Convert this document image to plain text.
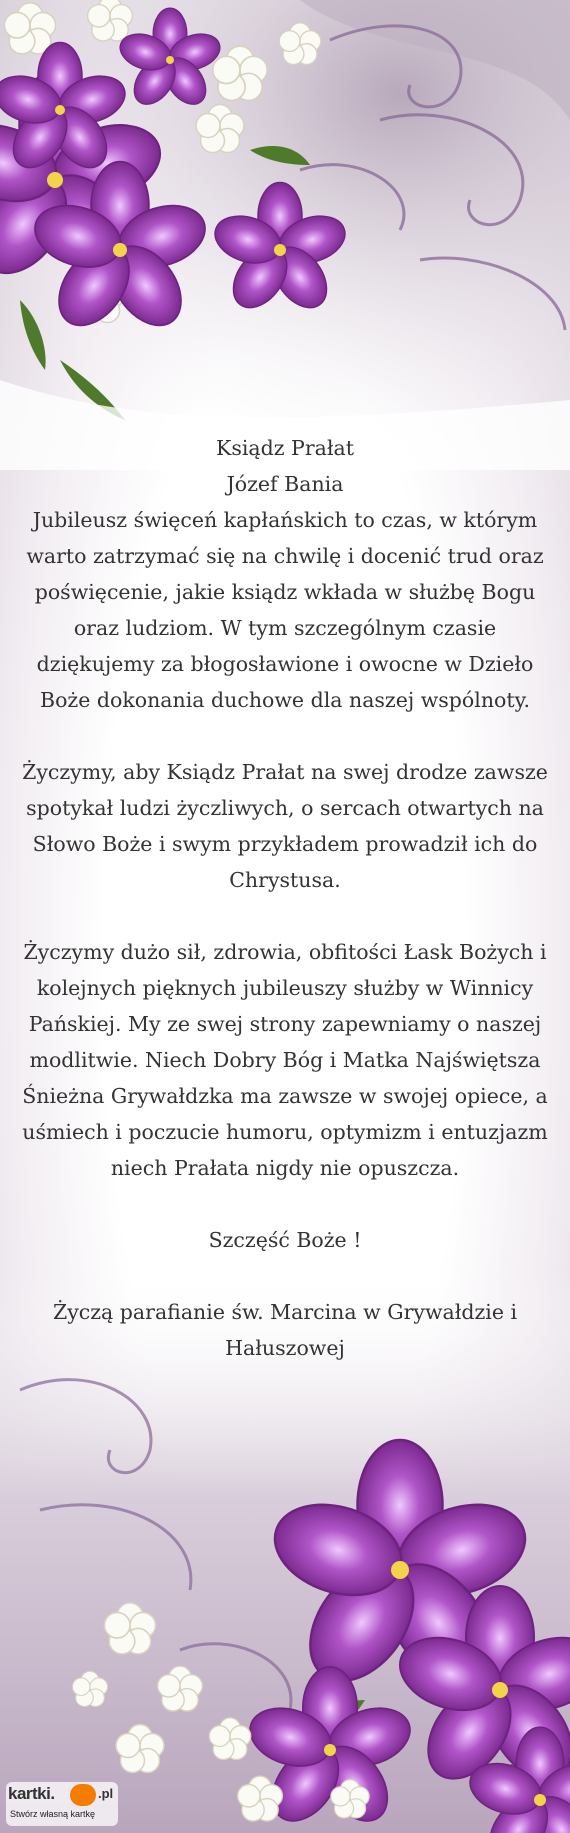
Ksiądz Prałat

Józef Bania

Jubileusz święceń kapłańskich to czas, w którym warto zatrzymać się na chwilę i docenić trud oraz poświęcenie, jakie ksiądz wkłada w służbę Bogu oraz ludziom. W tym szczególnym czasie dziękujemy za błogosławione i owocne w Dzieło Boże dokonania duchowe dla naszej wspólnoty.

Życzymy, aby Ksiądz Prałat na swej drodze zawsze spotykał ludzi życzliwych, o sercach otwartych na Słowo Boże i swym przykładem prowadził ich do Chrystusa.

Życzymy dużo sił, zdrowia, obfitości Łask Bożych i kolejnych pięknych jubileuszy służby w Winnicy Pańskiej. My ze swej strony zapewniamy o naszej modlitwie. Niech Dobry Bóg i Matka Najświętsza Śnieżna Grywałdzka ma zawsze w swojej opiece, a uśmiech i poczucie humoru, optymizm i entuzjazm niech Prałata nigdy nie opuszcza.

Szczęść Boże !

Życzą parafianie św. Marcina w Grywałdzie i Hałuszowej

kartki.	.pl
Stwórz własną kartkę
